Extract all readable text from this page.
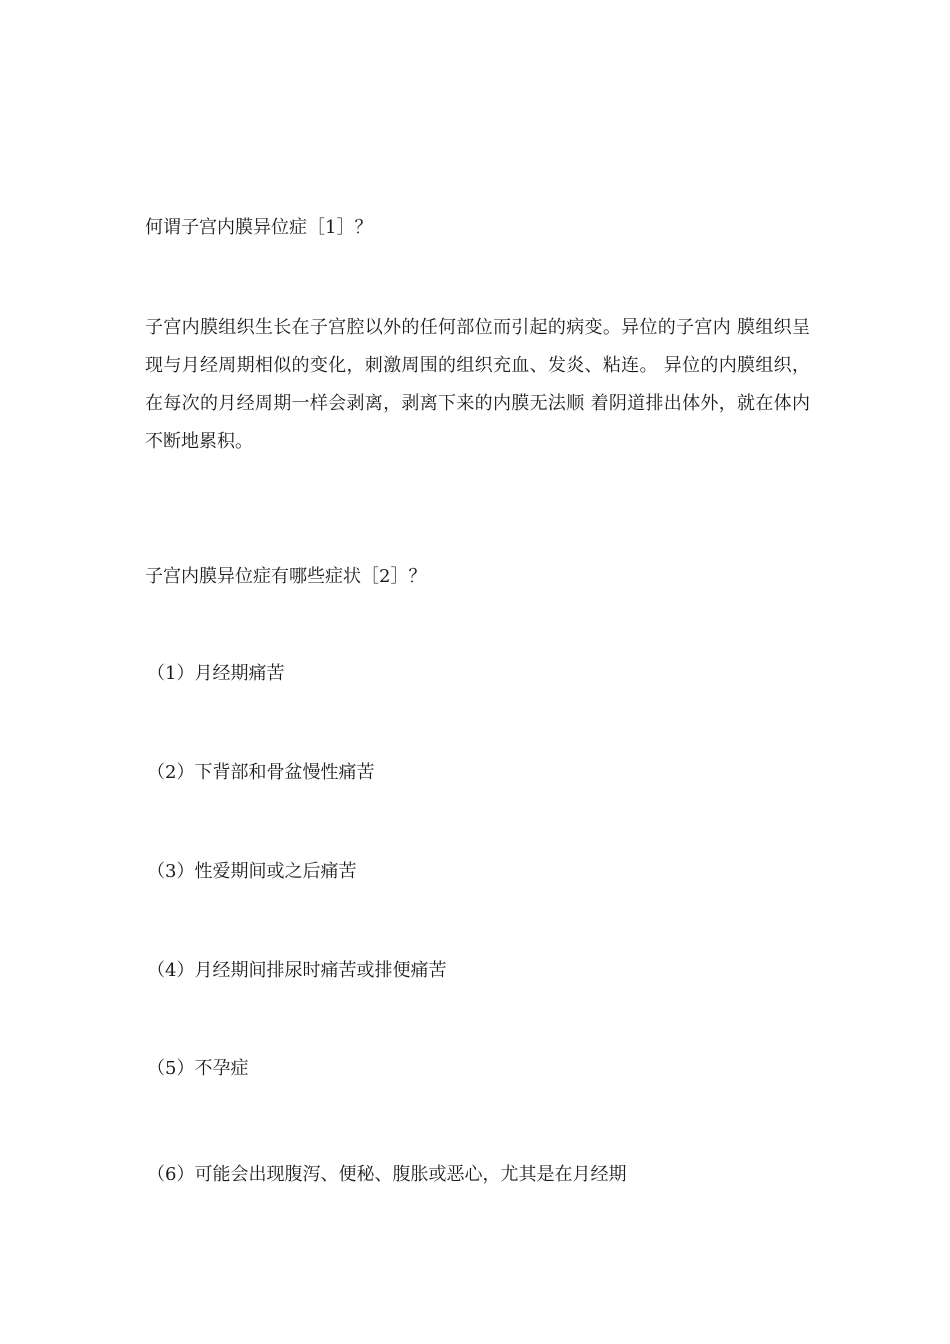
何谓子宫内膜异位症［1］？

子宫内膜组织生长在子宫腔以外的任何部位而引起的病变。异位的子宫内 膜组织呈现与月经周期相似的变化，刺激周围的组织充血、发炎、粘连。 异位的内膜组织，在每次的月经周期一样会剥离，剥离下来的内膜无法顺 着阴道排出体外，就在体内不断地累积。

子宫内膜异位症有哪些症状［2］？
（1）月经期痛苦
（2）下背部和骨盆慢性痛苦
（3）性爱期间或之后痛苦
（4）月经期间排尿时痛苦或排便痛苦
（5）不孕症
（6）可能会出现腹泻、便秘、腹胀或恶心，尤其是在月经期
